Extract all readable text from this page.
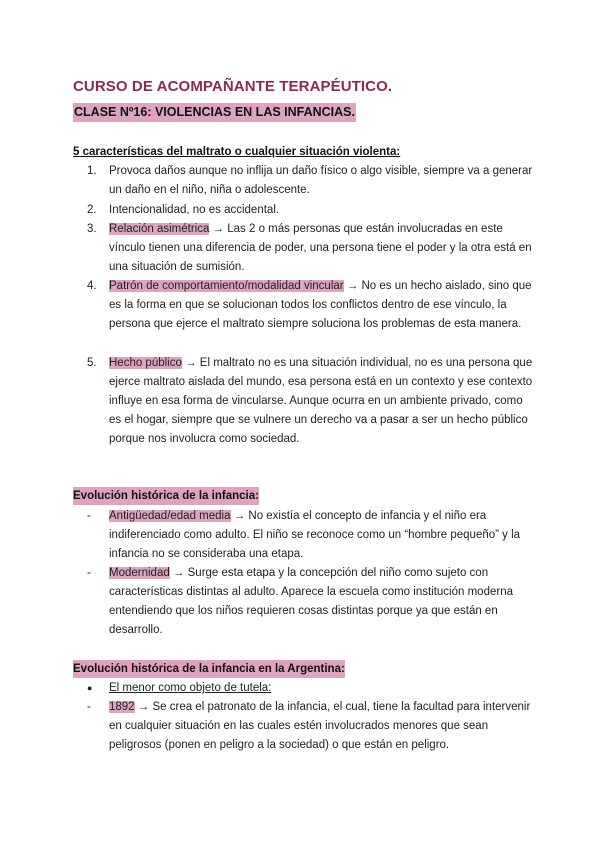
CURSO DE ACOMPAÑANTE TERAPÉUTICO.
CLASE Nº16: VIOLENCIAS EN LAS INFANCIAS.
5 características del maltrato o cualquier situación violenta:
1.	Provoca daños aunque no inflija un daño físico o algo visible, siempre va a generar un daño en el niño, niña o adolescente.
2.	Intencionalidad, no es accidental.
3.	Relación asimétrica → Las 2 o más personas que están involucradas en este vínculo tienen una diferencia de poder, una persona tiene el poder y la otra está en una situación de sumisión.
4.	Patrón de comportamiento/modalidad vincular → No es un hecho aislado, sino que es la forma en que se solucionan todos los conflictos dentro de ese vínculo, la persona que ejerce el maltrato siempre soluciona los problemas de esta manera.
5.	Hecho público → El maltrato no es una situación individual, no es una persona que ejerce maltrato aislada del mundo, esa persona está en un contexto y ese contexto influye en esa forma de vincularse. Aunque ocurra en un ambiente privado, como es el hogar, siempre que se vulnere un derecho va a pasar a ser un hecho público porque nos involucra como sociedad.
Evolución histórica de la infancia:
-	Antigüedad/edad media → No existía el concepto de infancia y el niño era indiferenciado como adulto. El niño se reconoce como un “hombre pequeño” y la infancia no se consideraba una etapa.
-	Modernidad → Surge esta etapa y la concepción del niño como sujeto con características distintas al adulto. Aparece la escuela como institución moderna entendiendo que los niños requieren cosas distintas porque ya que están en desarrollo.
Evolución histórica de la infancia en la Argentina:
●	El menor como objeto de tutela:
-	1892 → Se crea el patronato de la infancia, el cual, tiene la facultad para intervenir en cualquier situación en las cuales estén involucrados menores que sean peligrosos (ponen en peligro a la sociedad) o que están en peligro.
